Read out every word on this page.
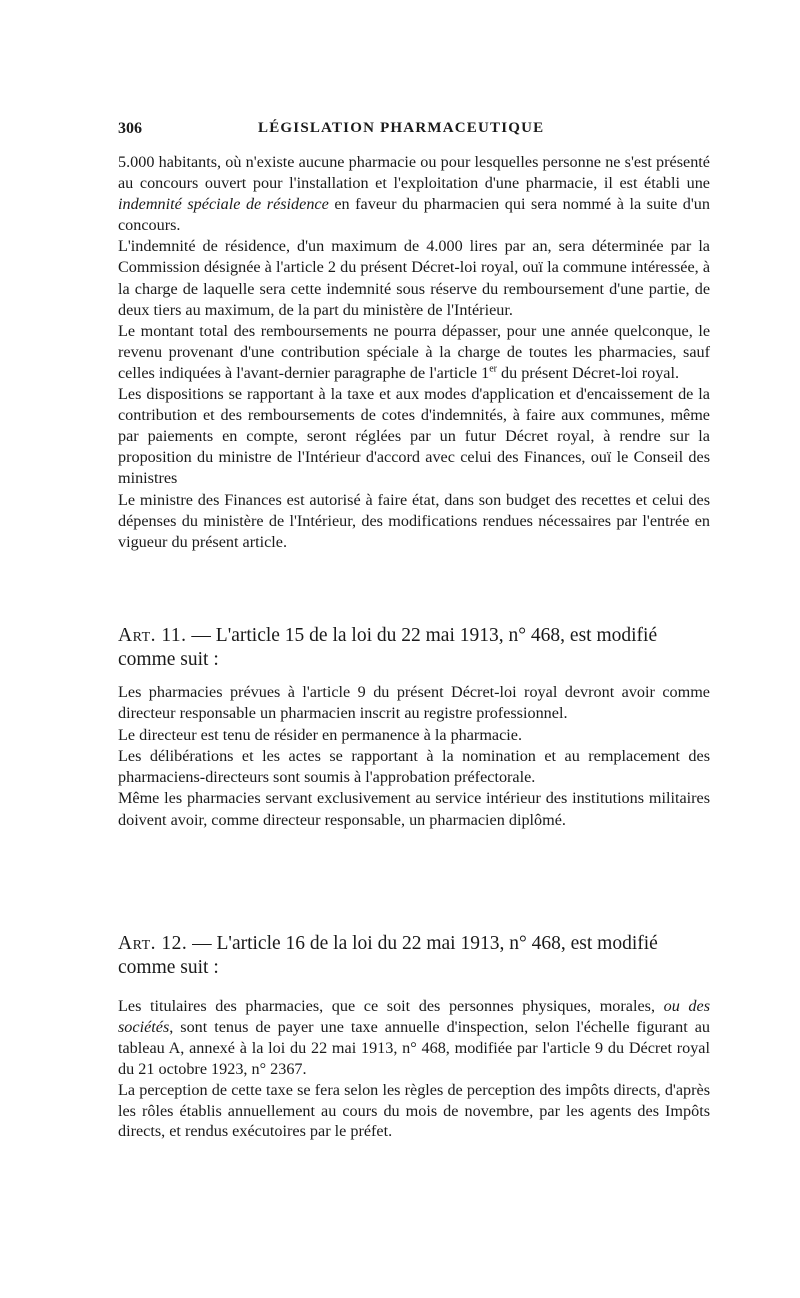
306	LÉGISLATION PHARMACEUTIQUE

5.000 habitants, où n'existe aucune pharmacie ou pour lesquelles personne ne s'est présenté au concours ouvert pour l'installation et l'exploitation d'une pharmacie, il est établi une indemnité spéciale de résidence en faveur du pharmacien qui sera nommé à la suite d'un concours.

L'indemnité de résidence, d'un maximum de 4.000 lires par an, sera déterminée par la Commission désignée à l'article 2 du présent Décret-loi royal, ouï la commune intéressée, à la charge de laquelle sera cette indemnité sous réserve du remboursement d'une partie, de deux tiers au maximum, de la part du ministère de l'Intérieur.

Le montant total des remboursements ne pourra dépasser, pour une année quelconque, le revenu provenant d'une contribution spéciale à la charge de toutes les pharmacies, sauf celles indiquées à l'avant-dernier paragraphe de l'article 1er du présent Décret-loi royal.

Les dispositions se rapportant à la taxe et aux modes d'application et d'encaissement de la contribution et des remboursements de cotes d'indemnités, à faire aux communes, même par paiements en compte, seront réglées par un futur Décret royal, à rendre sur la proposition du ministre de l'Intérieur d'accord avec celui des Finances, ouï le Conseil des ministres

Le ministre des Finances est autorisé à faire état, dans son budget des recettes et celui des dépenses du ministère de l'Intérieur, des modifications rendues nécessaires par l'entrée en vigueur du présent article.

Art. 11. — L'article 15 de la loi du 22 mai 1913, n° 468, est modifié comme suit :

Les pharmacies prévues à l'article 9 du présent Décret-loi royal devront avoir comme directeur responsable un pharmacien inscrit au registre professionnel.

Le directeur est tenu de résider en permanence à la pharmacie.

Les délibérations et les actes se rapportant à la nomination et au remplacement des pharmaciens-directeurs sont soumis à l'approbation préfectorale.

Même les pharmacies servant exclusivement au service intérieur des institutions militaires doivent avoir, comme directeur responsable, un pharmacien diplômé.

Art. 12. — L'article 16 de la loi du 22 mai 1913, n° 468, est modifié comme suit :

Les titulaires des pharmacies, que ce soit des personnes physiques, morales, ou des sociétés, sont tenus de payer une taxe annuelle d'inspection, selon l'échelle figurant au tableau A, annexé à la loi du 22 mai 1913, n° 468, modifiée par l'article 9 du Décret royal du 21 octobre 1923, n° 2367.

La perception de cette taxe se fera selon les règles de perception des impôts directs, d'après les rôles établis annuellement au cours du mois de novembre, par les agents des Impôts directs, et rendus exécutoires par le préfet.
